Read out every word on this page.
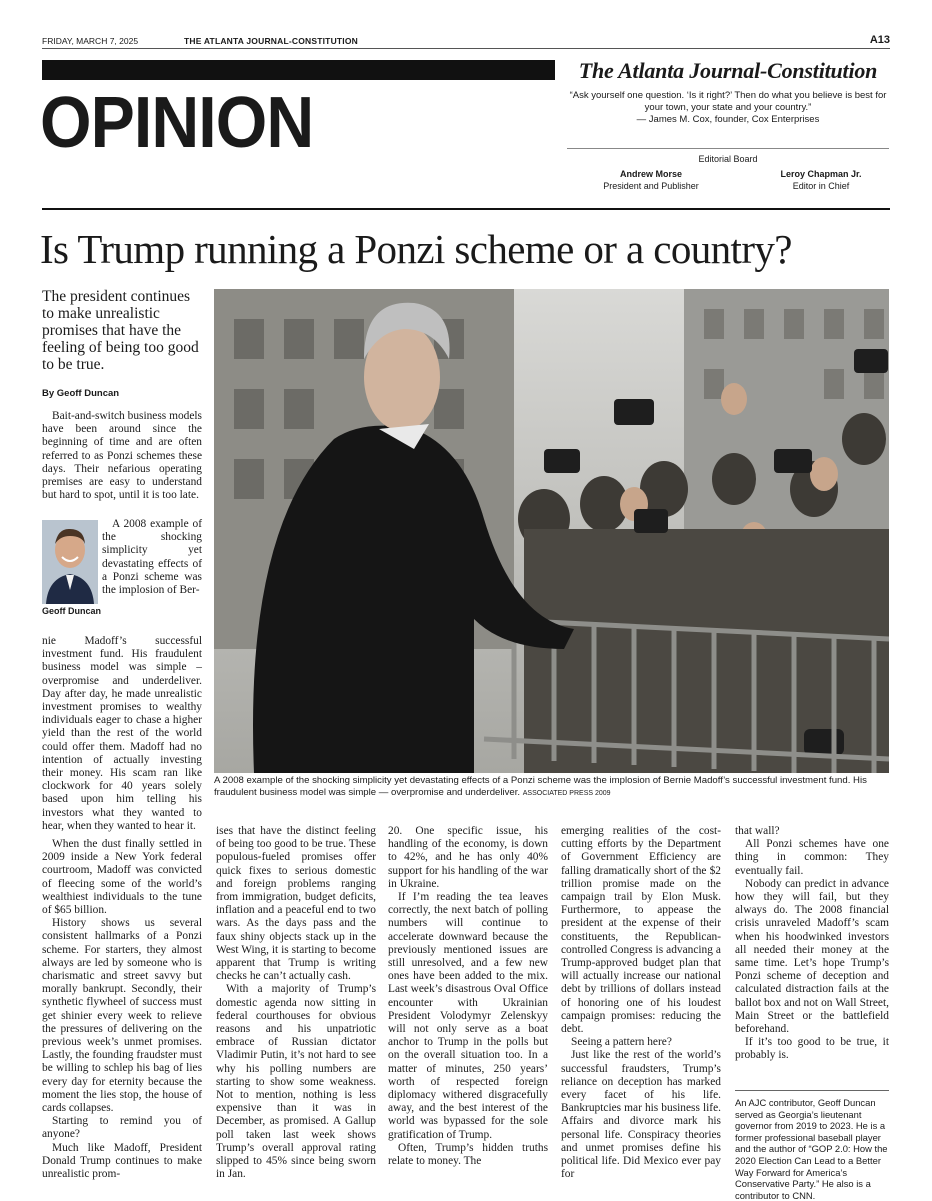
FRIDAY, MARCH 7, 2025	THE ATLANTA JOURNAL-CONSTITUTION	A13
OPINION
The Atlanta Journal-Constitution
“Ask yourself one question. ‘Is it right?’ Then do what you believe is best for your town, your state and your country.”
— James M. Cox, founder, Cox Enterprises
Editorial Board
Andrew Morse
President and Publisher
Leroy Chapman Jr.
Editor in Chief
Is Trump running a Ponzi scheme or a country?
The president continues to make unrealistic promises that have the feeling of being too good to be true.
By Geoff Duncan

Bait-and-switch business models have been around since the beginning of time and are often referred to as Ponzi schemes these days. Their nefarious operating premises are easy to understand but hard to spot, until it is too late.

Geoff Duncan

A 2008 example of the shocking simplicity yet devastating effects of a Ponzi scheme was the implosion of Ber-

nie Madoff’s successful investment fund. His fraudulent business model was simple – overpromise and underdeliver. Day after day, he made unrealistic investment promises to wealthy individuals eager to chase a higher yield than the rest of the world could offer them. Madoff had no intention of actually investing their money. His scam ran like clockwork for 40 years solely based upon him telling his investors what they wanted to hear, when they wanted to hear it.

When the dust finally settled in 2009 inside a New York federal courtroom, Madoff was convicted of fleecing some of the world’s wealthiest individuals to the tune of $65 billion.

History shows us several consistent hallmarks of a Ponzi scheme. For starters, they almost always are led by someone who is charismatic and street savvy but morally bankrupt. Secondly, their synthetic flywheel of success must get shinier every week to relieve the pressures of delivering on the previous week’s unmet promises. Lastly, the founding fraudster must be willing to schlep his bag of lies every day for eternity because the moment the lies stop, the house of cards collapses.

Starting to remind you of anyone?

Much like Madoff, President Donald Trump continues to make unrealistic prom-

A 2008 example of the shocking simplicity yet devastating effects of a Ponzi scheme was the implosion of Bernie Madoff’s successful investment fund. His fraudulent business model was simple — overpromise and underdeliver. ASSOCIATED PRESS 2009

ises that have the distinct feeling of being too good to be true. These populous-fueled promises offer quick fixes to serious domestic and foreign problems ranging from immigration, budget deficits, inflation and a peaceful end to two wars. As the days pass and the faux shiny objects stack up in the West Wing, it is starting to become apparent that Trump is writing checks he can’t actually cash.

With a majority of Trump’s domestic agenda now sitting in federal courthouses for obvious reasons and his unpatriotic embrace of Russian dictator Vladimir Putin, it’s not hard to see why his polling numbers are starting to show some weakness. Not to mention, nothing is less expensive than it was in December, as promised. A Gallup poll taken last week shows Trump’s overall approval rating slipped to 45% since being sworn in Jan.

20. One specific issue, his handling of the economy, is down to 42%, and he has only 40% support for his handling of the war in Ukraine.

If I’m reading the tea leaves correctly, the next batch of polling numbers will continue to accelerate downward because the previously mentioned issues are still unresolved, and a few new ones have been added to the mix. Last week’s disastrous Oval Office encounter with Ukrainian President Volodymyr Zelenskyy will not only serve as a boat anchor to Trump in the polls but on the overall situation too. In a matter of minutes, 250 years’ worth of respected foreign diplomacy withered disgracefully away, and the best interest of the world was bypassed for the sole gratification of Trump.

Often, Trump’s hidden truths relate to money. The

emerging realities of the cost-cutting efforts by the Department of Government Efficiency are falling dramatically short of the $2 trillion promise made on the campaign trail by Elon Musk. Furthermore, to appease the president at the expense of their constituents, the Republican-controlled Congress is advancing a Trump-approved budget plan that will actually increase our national debt by trillions of dollars instead of honoring one of his loudest campaign promises: reducing the debt.

Seeing a pattern here?

Just like the rest of the world’s successful fraudsters, Trump’s reliance on deception has marked every facet of his life. Bankruptcies mar his business life. Affairs and divorce mark his personal life. Conspiracy theories and unmet promises define his political life. Did Mexico ever pay for

that wall?

All Ponzi schemes have one thing in common: They eventually fail.

Nobody can predict in advance how they will fail, but they always do. The 2008 financial crisis unraveled Madoff’s scam when his hoodwinked investors all needed their money at the same time. Let’s hope Trump’s Ponzi scheme of deception and calculated distraction fails at the ballot box and not on Wall Street, Main Street or the battlefield beforehand.

If it’s too good to be true, it probably is.

An AJC contributor, Geoff Duncan served as Georgia’s lieutenant governor from 2019 to 2023. He is a former professional baseball player and the author of “GOP 2.0: How the 2020 Election Can Lead to a Better Way Forward for America’s Conservative Party.” He also is a contributor to CNN.
